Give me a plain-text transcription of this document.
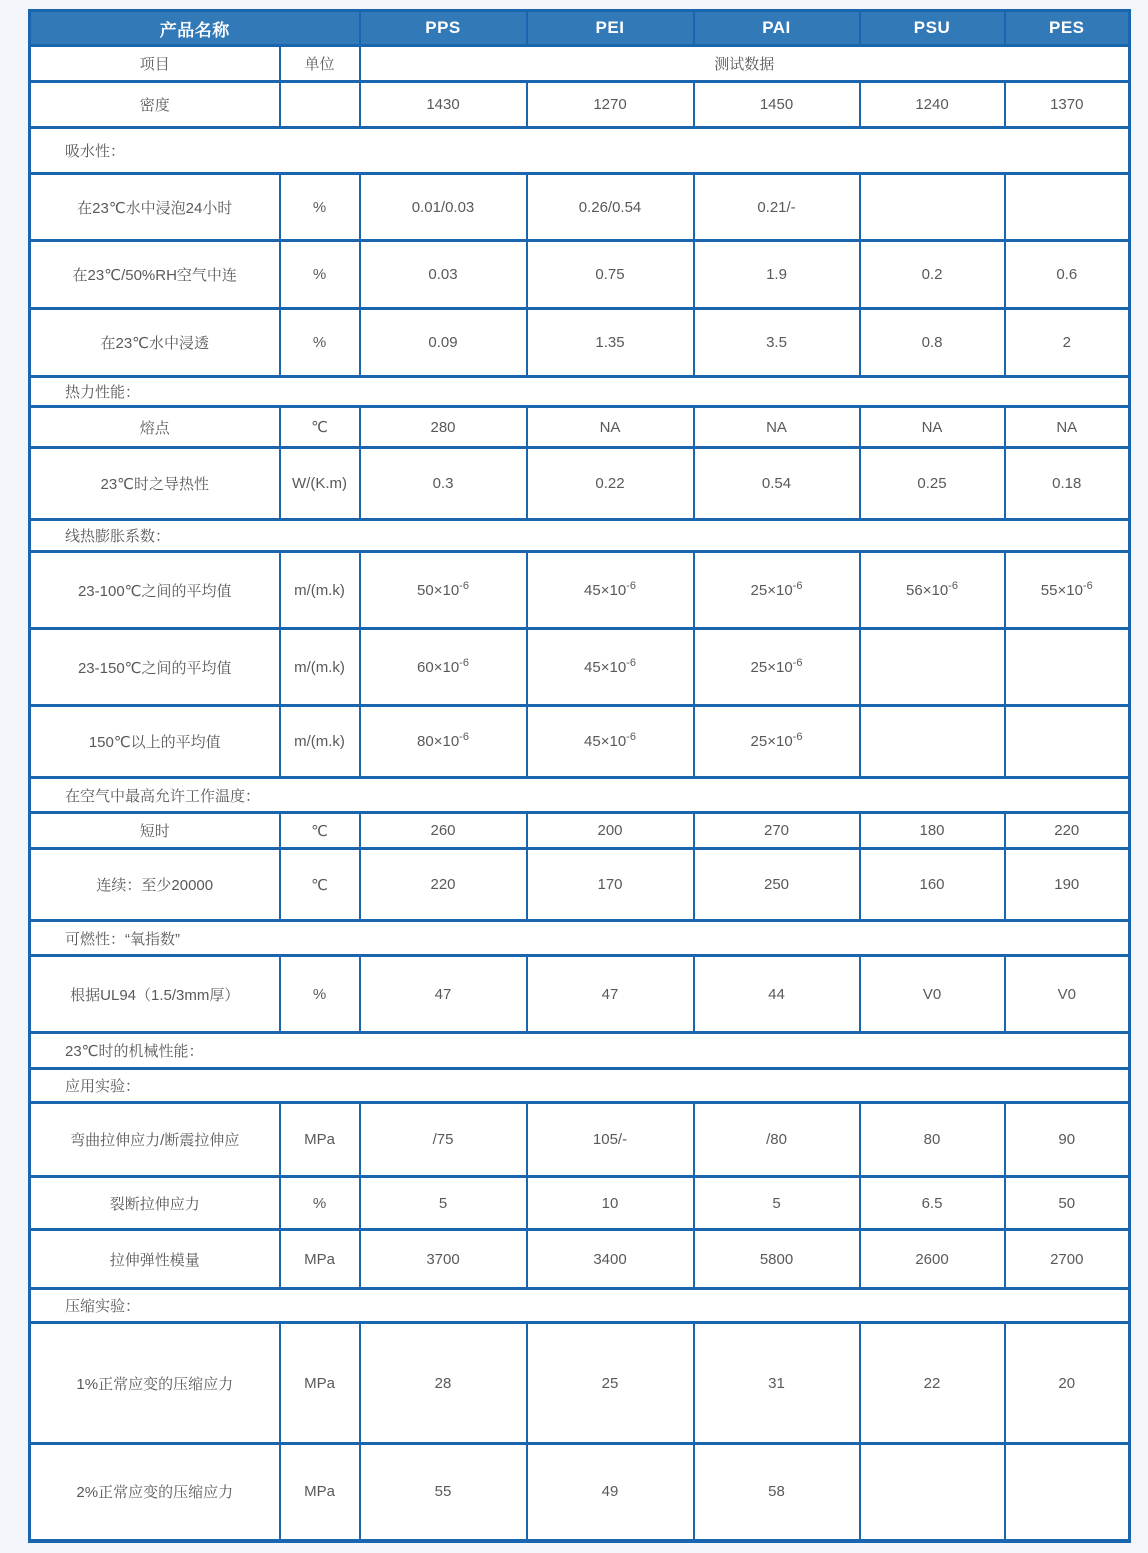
产品名称		PPS	PEI	PAI	PSU	PES
项目	单位	测试数据				
密度		1430	1270	1450	1240	1370
吸水性：						
在23℃水中浸泡24小时	%	0.01/0.03	0.26/0.54	0.21/-		
在23℃/50%RH空气中连	%	0.03	0.75	1.9	0.2	0.6
在23℃水中浸透	%	0.09	1.35	3.5	0.8	2
热力性能：						
熔点	℃	280	NA	NA	NA	NA
23℃时之导热性	W/(K.m)	0.3	0.22	0.54	0.25	0.18
线热膨胀系数：						
23-100℃之间的平均值	m/(m.k)	$50\times 10^{-6}$	$45\times 10^{-6}$	$25\times 10^{-6}$	$56\times 10^{-6}$	$55\times 10^{-6}$
23-150℃之间的平均值	m/(m.k)	$60\times 10^{-6}$	$45\times 10^{-6}$	$25\times 10^{-6}$		
150℃以上的平均值	m/(m.k)	$80\times 10^{-6}$	$45\times 10^{-6}$	$25\times 10^{-6}$		
在空气中最高允许工作温度：						
短时	℃	260	200	270	180	220
连续：至少20000	℃	220	170	250	160	190
可燃性：“氧指数”						
根据UL94（1.5/3mm厚）	%	47	47	44	V0	V0
23℃时的机械性能：						
应用实验：						
弯曲拉伸应力/断震拉伸应	MPa	/75	105/-	/80	80	90
裂断拉伸应力	%	5	10	5	6.5	50
拉伸弹性模量	MPa	3700	3400	5800	2600	2700
压缩实验：						
1%正常应变的压缩应力	MPa	28	25	31	22	20
2%正常应变的压缩应力	MPa	55	49	58		
